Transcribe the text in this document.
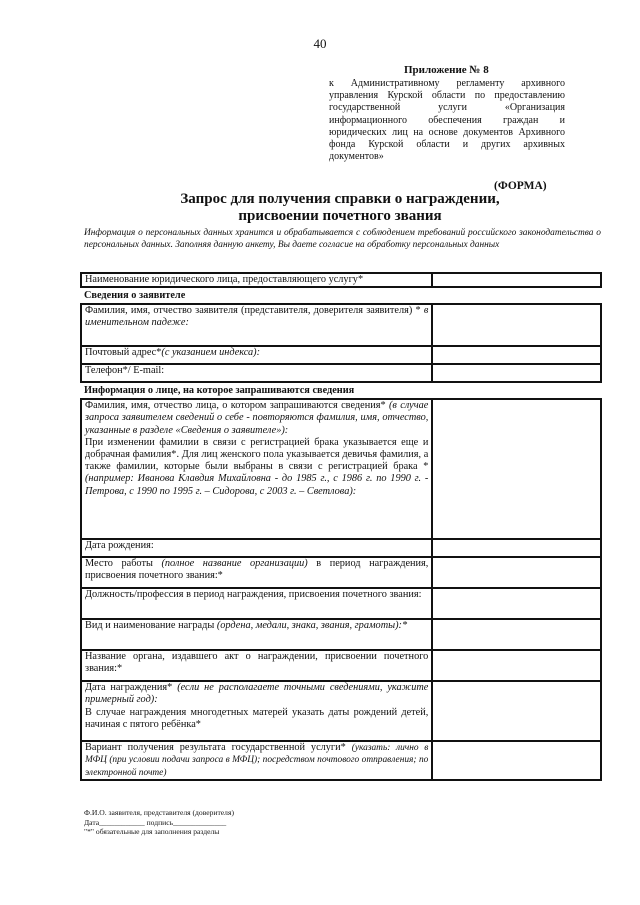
40
Приложение № 8
к Административному регламенту архивного управления Курской области по предоставлению государственной услуги «Организация информационного обеспечения граждан и юридических лиц на основе документов Архивного фонда Курской области и других архивных документов»
(ФОРМА)
Запрос для получения справки о награждении,
присвоении почетного звания
Информация о персональных данных хранится и обрабатывается с соблюдением требований российского законодательства о персональных данных. Заполняя данную анкету, Вы даете согласие на обработку персональных данных
Наименование юридического лица, предоставляющего услугу*	
Сведения о заявителе	
Фамилия, имя, отчество заявителя (представителя, доверителя заявителя) * в именительном падеже:	
Почтовый адрес*(с указанием индекса):	
Телефон*/ E-mail:	
Информация о лице, на которое запрашиваются сведения	
Фамилия, имя, отчество лица, о котором запрашиваются сведения* (в случае запроса заявителем сведений о себе - повторяются фамилия, имя, отчество, указанные в разделе «Сведения о заявителе»):
При изменении фамилии в связи с регистрацией брака указывается еще и добрачная фамилия*. Для лиц женского пола указывается девичья фамилия, а также фамилии, которые были выбраны в связи с регистрацией брака *(например: Иванова Клавдия Михайловна - до 1985 г., с 1986 г. по 1990 г. - Петрова, с 1990 по 1995 г. – Сидорова, с 2003 г. – Светлова):	
Дата рождения:	
Место работы (полное название организации) в период награждения, присвоения почетного звания:*	
Должность/профессия в период награждения, присвоения почетного звания:	
Вид и наименование награды (ордена, медали, знака, звания, грамоты):*	
Название органа, издавшего акт о награждении, присвоении почетного звания:*	
Дата награждения* (если не располагаете точными сведениями, укажите примерный год):
В случае награждения многодетных матерей указать даты рождений детей, начиная с пятого ребёнка*	
Вариант получения результата государственной услуги* (указать: лично в МФЦ (при условии подачи запроса в МФЦ); посредством почтового отправления; по электронной почте)	
Ф.И.О. заявителя, представителя (доверителя)
Дата____________ подпись______________
"*" обязательные для заполнения разделы
